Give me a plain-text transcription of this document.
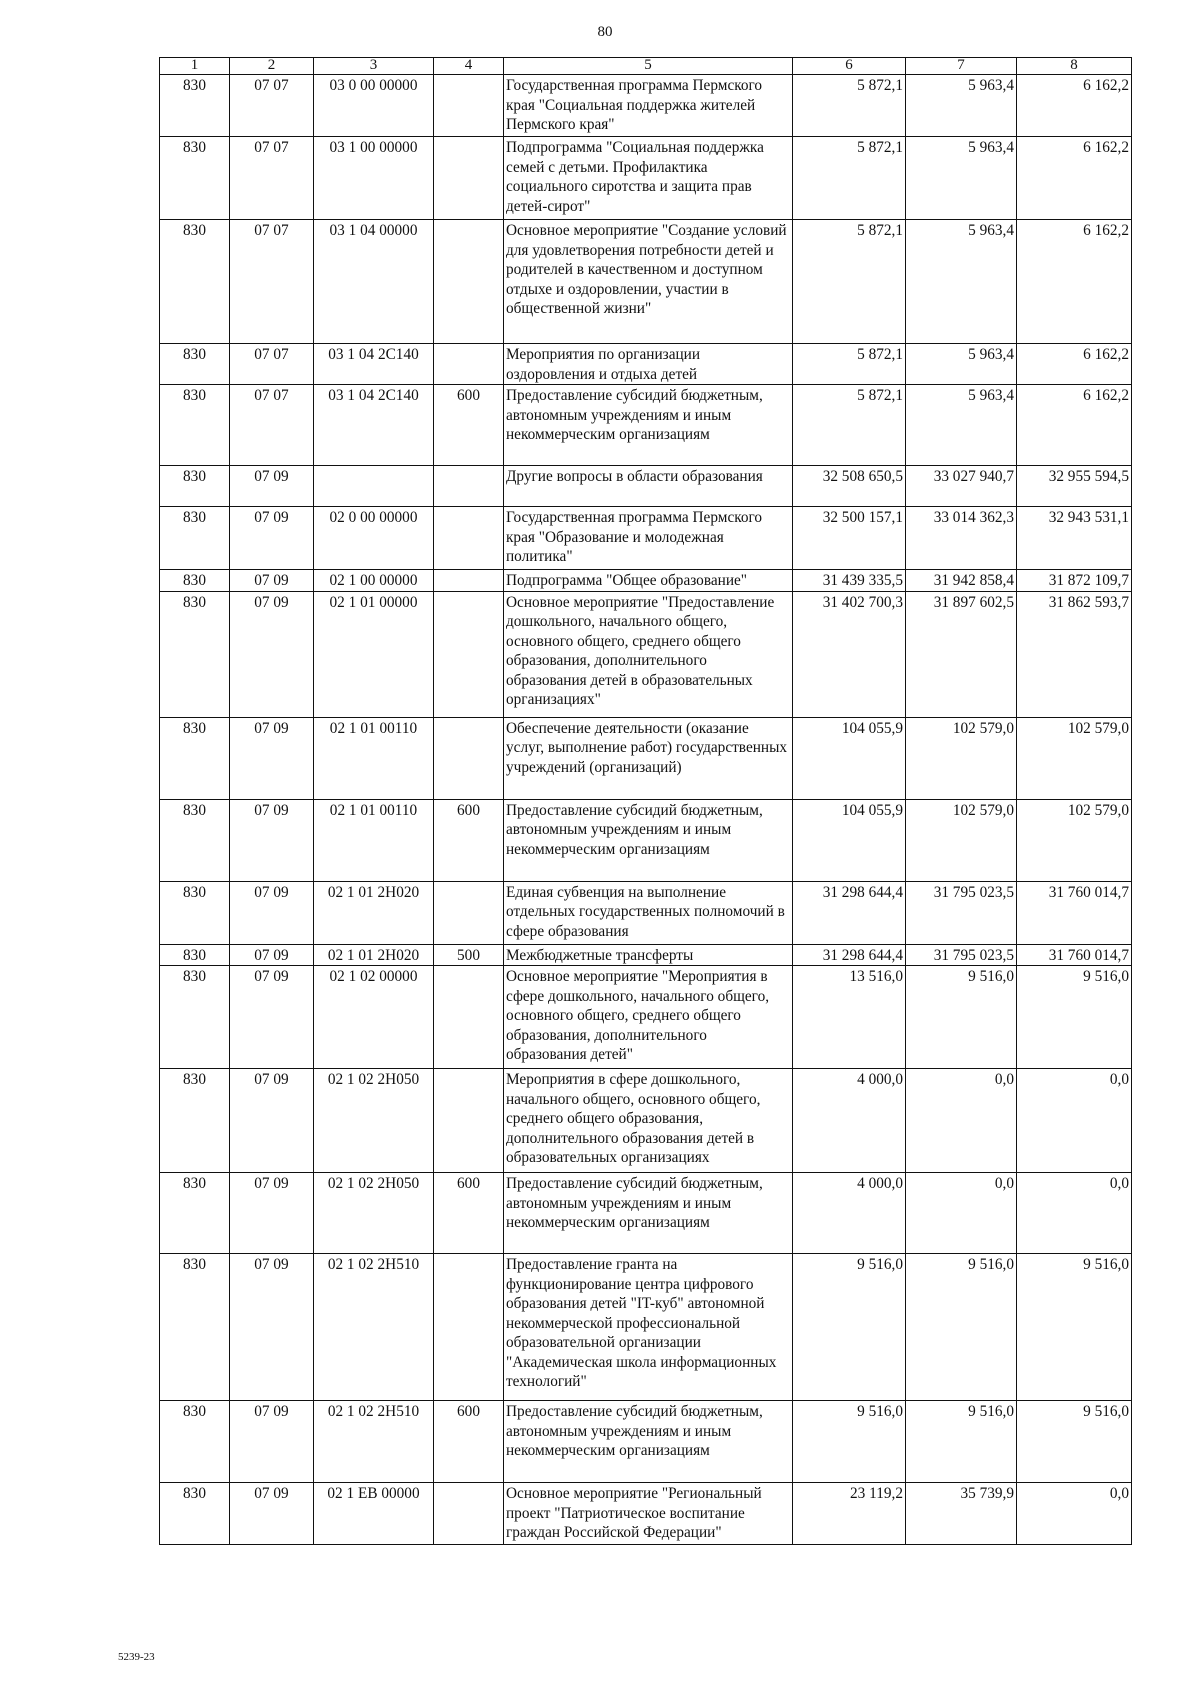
80
1	2	3	4	5	6	7	8
830	07 07	03 0 00 00000		Государственная программа Пермского края "Социальная поддержка жителей Пермского края"	5 872,1	5 963,4	6 162,2
830	07 07	03 1 00 00000		Подпрограмма "Социальная поддержка семей с детьми. Профилактика социального сиротства и защита прав детей-сирот"	5 872,1	5 963,4	6 162,2
830	07 07	03 1 04 00000		Основное мероприятие "Создание условий для удовлетворения потребности детей и родителей в качественном и доступном отдыхе и оздоровлении, участии в общественной жизни"	5 872,1	5 963,4	6 162,2
830	07 07	03 1 04 2С140		Мероприятия по организации оздоровления и отдыха детей	5 872,1	5 963,4	6 162,2
830	07 07	03 1 04 2С140	600	Предоставление субсидий бюджетным, автономным учреждениям и иным некоммерческим организациям	5 872,1	5 963,4	6 162,2
830	07 09			Другие вопросы в области образования	32 508 650,5	33 027 940,7	32 955 594,5
830	07 09	02 0 00 00000		Государственная программа Пермского края "Образование и молодежная политика"	32 500 157,1	33 014 362,3	32 943 531,1
830	07 09	02 1 00 00000		Подпрограмма "Общее образование"	31 439 335,5	31 942 858,4	31 872 109,7
830	07 09	02 1 01 00000		Основное мероприятие "Предоставление дошкольного, начального общего, основного общего, среднего общего образования, дополнительного образования детей в образовательных организациях"	31 402 700,3	31 897 602,5	31 862 593,7
830	07 09	02 1 01 00110		Обеспечение деятельности (оказание услуг, выполнение работ) государственных учреждений (организаций)	104 055,9	102 579,0	102 579,0
830	07 09	02 1 01 00110	600	Предоставление субсидий бюджетным, автономным учреждениям и иным некоммерческим организациям	104 055,9	102 579,0	102 579,0
830	07 09	02 1 01 2Н020		Единая субвенция на выполнение отдельных государственных полномочий в сфере образования	31 298 644,4	31 795 023,5	31 760 014,7
830	07 09	02 1 01 2Н020	500	Межбюджетные трансферты	31 298 644,4	31 795 023,5	31 760 014,7
830	07 09	02 1 02 00000		Основное мероприятие "Мероприятия в сфере дошкольного, начального общего, основного общего, среднего общего образования, дополнительного образования детей"	13 516,0	9 516,0	9 516,0
830	07 09	02 1 02 2Н050		Мероприятия в сфере дошкольного, начального общего, основного общего, среднего общего образования, дополнительного образования детей в образовательных организациях	4 000,0	0,0	0,0
830	07 09	02 1 02 2Н050	600	Предоставление субсидий бюджетным, автономным учреждениям и иным некоммерческим организациям	4 000,0	0,0	0,0
830	07 09	02 1 02 2Н510		Предоставление гранта на функционирование центра цифрового образования детей "IT-куб" автономной некоммерческой профессиональной образовательной организации "Академическая школа информационных технологий"	9 516,0	9 516,0	9 516,0
830	07 09	02 1 02 2Н510	600	Предоставление субсидий бюджетным, автономным учреждениям и иным некоммерческим организациям	9 516,0	9 516,0	9 516,0
830	07 09	02 1 ЕВ 00000		Основное мероприятие "Региональный проект "Патриотическое воспитание граждан Российской Федерации"	23 119,2	35 739,9	0,0
5239-23
